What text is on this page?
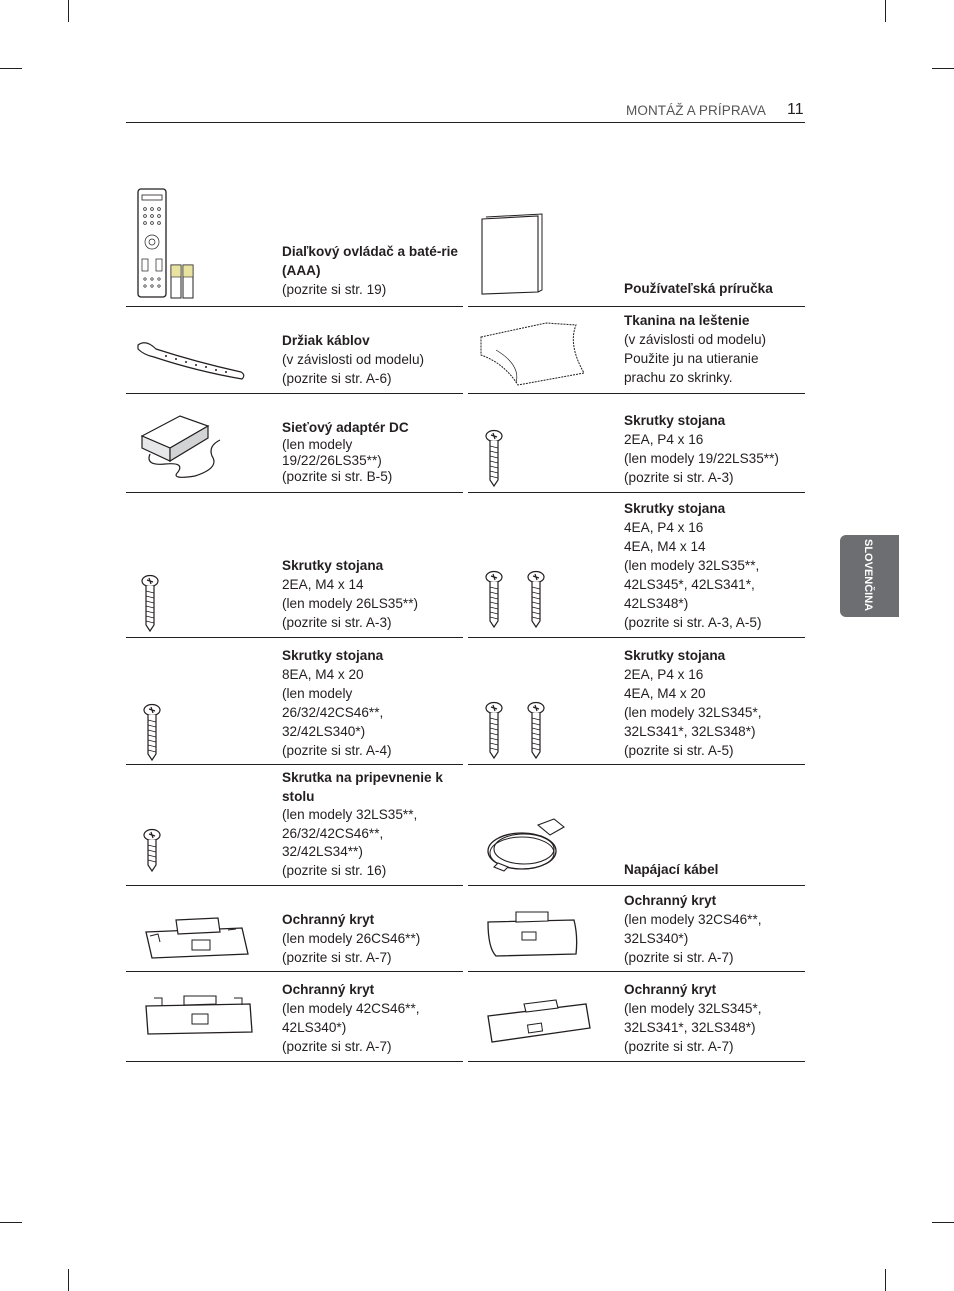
MONTÁŽ A PRÍPRAVA 11
SLOVENČINA
Diaľkový ovládač a baté-rie (AAA)
(pozrite si str. 19)	Používateľská príručka
Držiak káblov
(v závislosti od modelu)
(pozrite si str. A-6)
Tkanina na leštenie
(v závislosti od modelu)
Použite ju na utieranie
prachu zo skrinky.
Sieťový adaptér DC
(len modely
19/22/26LS35**)
(pozrite si str. B-5)
Skrutky stojana
2EA, P4 x 16
(len modely 19/22LS35**)
(pozrite si str. A-3)
Skrutky stojana
2EA, M4 x 14
(len modely 26LS35**)
(pozrite si str. A-3)
Skrutky stojana
4EA, P4 x 16
4EA, M4 x 14
(len modely 32LS35**,
42LS345*, 42LS341*,
42LS348*)
(pozrite si str. A-3, A-5)
Skrutky stojana
8EA, M4 x 20
(len modely
26/32/42CS46**,
32/42LS340*)
(pozrite si str. A-4)
Skrutky stojana
2EA, P4 x 16
4EA, M4 x 20
(len modely 32LS345*,
32LS341*, 32LS348*)
(pozrite si str. A-5)
Skrutka na pripevnenie k stolu
(len modely 32LS35**,
26/32/42CS46**,
32/42LS34**)
(pozrite si str. 16)	Napájací kábel
Ochranný kryt
(len modely 26CS46**)
(pozrite si str. A-7)
Ochranný kryt
(len modely 32CS46**,
32LS340*)
(pozrite si str. A-7)
Ochranný kryt
(len modely 42CS46**,
42LS340*)
(pozrite si str. A-7)
Ochranný kryt
(len modely 32LS345*,
32LS341*, 32LS348*)
(pozrite si str. A-7)
